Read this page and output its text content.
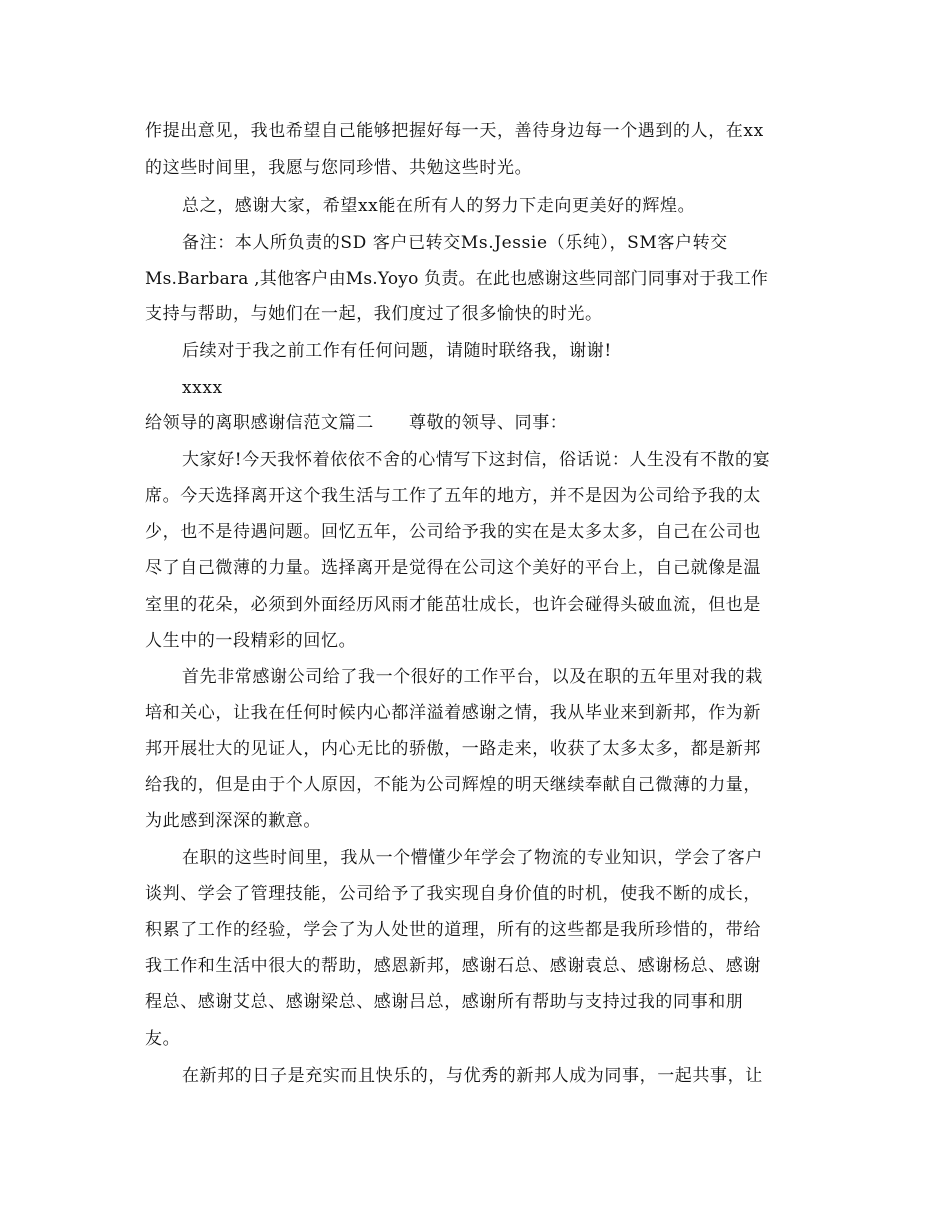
作提出意见，我也希望自己能够把握好每一天，善待身边每一个遇到的人，在xx
的这些时间里，我愿与您同珍惜、共勉这些时光。
总之，感谢大家，希望xx能在所有人的努力下走向更美好的辉煌。
备注：本人所负责的SD 客户已转交Ms.Jessie（乐纯），SM客户转交
Ms.Barbara ,其他客户由Ms.Yoyo 负责。在此也感谢这些同部门同事对于我工作
支持与帮助，与她们在一起，我们度过了很多愉快的时光。
后续对于我之前工作有任何问题，请随时联络我，谢谢!
xxxx
给领导的离职感谢信范文篇二　　尊敬的领导、同事：
大家好!今天我怀着依依不舍的心情写下这封信，俗话说：人生没有不散的宴
席。今天选择离开这个我生活与工作了五年的地方，并不是因为公司给予我的太
少，也不是待遇问题。回忆五年，公司给予我的实在是太多太多，自己在公司也
尽了自己微薄的力量。选择离开是觉得在公司这个美好的平台上，自己就像是温
室里的花朵，必须到外面经历风雨才能茁壮成长，也许会碰得头破血流，但也是
人生中的一段精彩的回忆。
首先非常感谢公司给了我一个很好的工作平台，以及在职的五年里对我的栽
培和关心，让我在任何时候内心都洋溢着感谢之情，我从毕业来到新邦，作为新
邦开展壮大的见证人，内心无比的骄傲，一路走来，收获了太多太多，都是新邦
给我的，但是由于个人原因，不能为公司辉煌的明天继续奉献自己微薄的力量，
为此感到深深的歉意。
在职的这些时间里，我从一个懵懂少年学会了物流的专业知识，学会了客户
谈判、学会了管理技能，公司给予了我实现自身价值的时机，使我不断的成长，
积累了工作的经验，学会了为人处世的道理，所有的这些都是我所珍惜的，带给
我工作和生活中很大的帮助，感恩新邦，感谢石总、感谢袁总、感谢杨总、感谢
程总、感谢艾总、感谢梁总、感谢吕总，感谢所有帮助与支持过我的同事和朋
友。
在新邦的日子是充实而且快乐的，与优秀的新邦人成为同事，一起共事，让
